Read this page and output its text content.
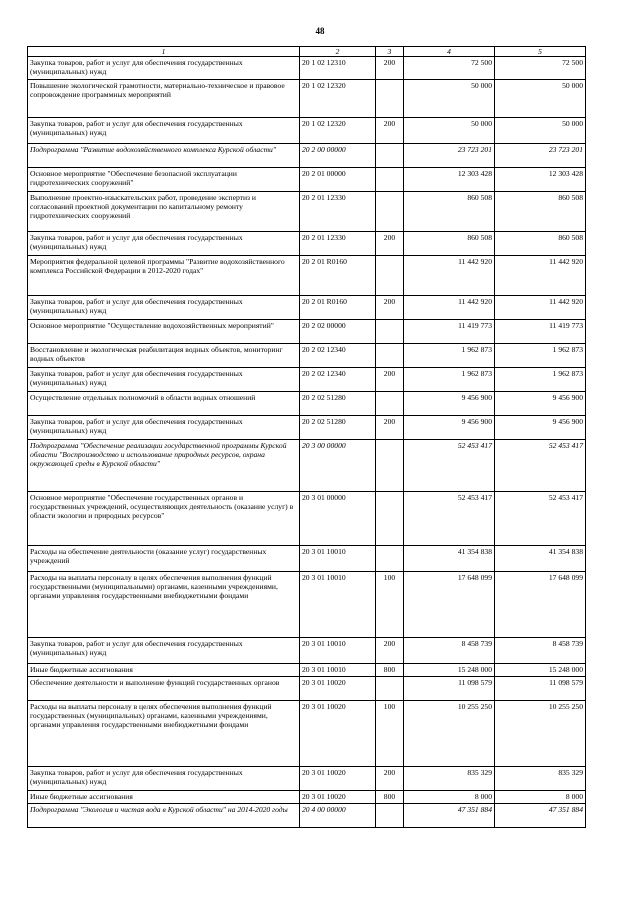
48
1	2	3	4	5
Закупка товаров, работ и услуг для обеспечения государственных (муниципальных) нужд	20 1 02 12310	200	72 500	72 500
Повышение экологической грамотности, материально-техническое и правовое сопровождение программных мероприятий	20 1 02 12320		50 000	50 000
Закупка товаров, работ и услуг для обеспечения государственных (муниципальных) нужд	20 1 02 12320	200	50 000	50 000
Подпрограмма "Развитие водохозяйственного комплекса Курской области"	20 2 00 00000		23 723 201	23 723 201
Основное мероприятие "Обеспечение безопасной эксплуатации гидротехнических сооружений"	20 2 01 00000		12 303 428	12 303 428
Выполнение проектно-изыскательских работ, проведение экспертиз и согласований проектной документации по капитальному ремонту гидротехнических сооружений	20 2 01 12330		860 508	860 508
Закупка товаров, работ и услуг для обеспечения государственных (муниципальных) нужд	20 2 01 12330	200	860 508	860 508
Мероприятия федеральной целевой программы "Развитие водохозяйственного комплекса Российской Федерации в 2012-2020 годах"	20 2 01 R0160		11 442 920	11 442 920
Закупка товаров, работ и услуг для обеспечения государственных (муниципальных) нужд	20 2 01 R0160	200	11 442 920	11 442 920
Основное мероприятие "Осуществление водохозяйственных мероприятий"	20 2 02 00000		11 419 773	11 419 773
Восстановление и экологическая реабилитация водных объектов, мониторинг водных объектов	20 2 02 12340		1 962 873	1 962 873
Закупка товаров, работ и услуг для обеспечения государственных (муниципальных) нужд	20 2 02 12340	200	1 962 873	1 962 873
Осуществление отдельных полномочий в области водных отношений	20 2 02 51280		9 456 900	9 456 900
Закупка товаров, работ и услуг для обеспечения государственных (муниципальных) нужд	20 2 02 51280	200	9 456 900	9 456 900
Подпрограмма "Обеспечение реализации государственной программы Курской области "Воспроизводство и использование природных ресурсов, охрана окружающей среды в Курской области"	20 3 00 00000		52 453 417	52 453 417
Основное мероприятие "Обеспечение государственных органов и государственных учреждений, осуществляющих деятельность (оказание услуг) в области экологии и природных ресурсов"	20 3 01 00000		52 453 417	52 453 417
Расходы на обеспечение деятельности (оказание услуг) государственных учреждений	20 3 01 10010		41 354 838	41 354 838
Расходы на выплаты персоналу в целях обеспечения выполнения функций государственными (муниципальными) органами, казенными учреждениями, органами управления государственными внебюджетными фондами	20 3 01 10010	100	17 648 099	17 648 099
Закупка товаров, работ и услуг для обеспечения государственных (муниципальных) нужд	20 3 01 10010	200	8 458 739	8 458 739
Иные бюджетные ассигнования	20 3 01 10010	800	15 248 000	15 248 000
Обеспечение деятельности и выполнение функций государственных органов	20 3 01 10020		11 098 579	11 098 579
Расходы на выплаты персоналу в целях обеспечения выполнения функций государственных (муниципальных) органами, казенными учреждениями, органами управления государственными внебюджетными фондами	20 3 01 10020	100	10 255 250	10 255 250
Закупка товаров, работ и услуг для обеспечения государственных (муниципальных) нужд	20 3 01 10020	200	835 329	835 329
Иные бюджетные ассигнования	20 3 01 10020	800	8 000	8 000
Подпрограмма "Экология и чистая вода в Курской области" на 2014-2020 годы	20 4 00 00000		47 351 884	47 351 884
